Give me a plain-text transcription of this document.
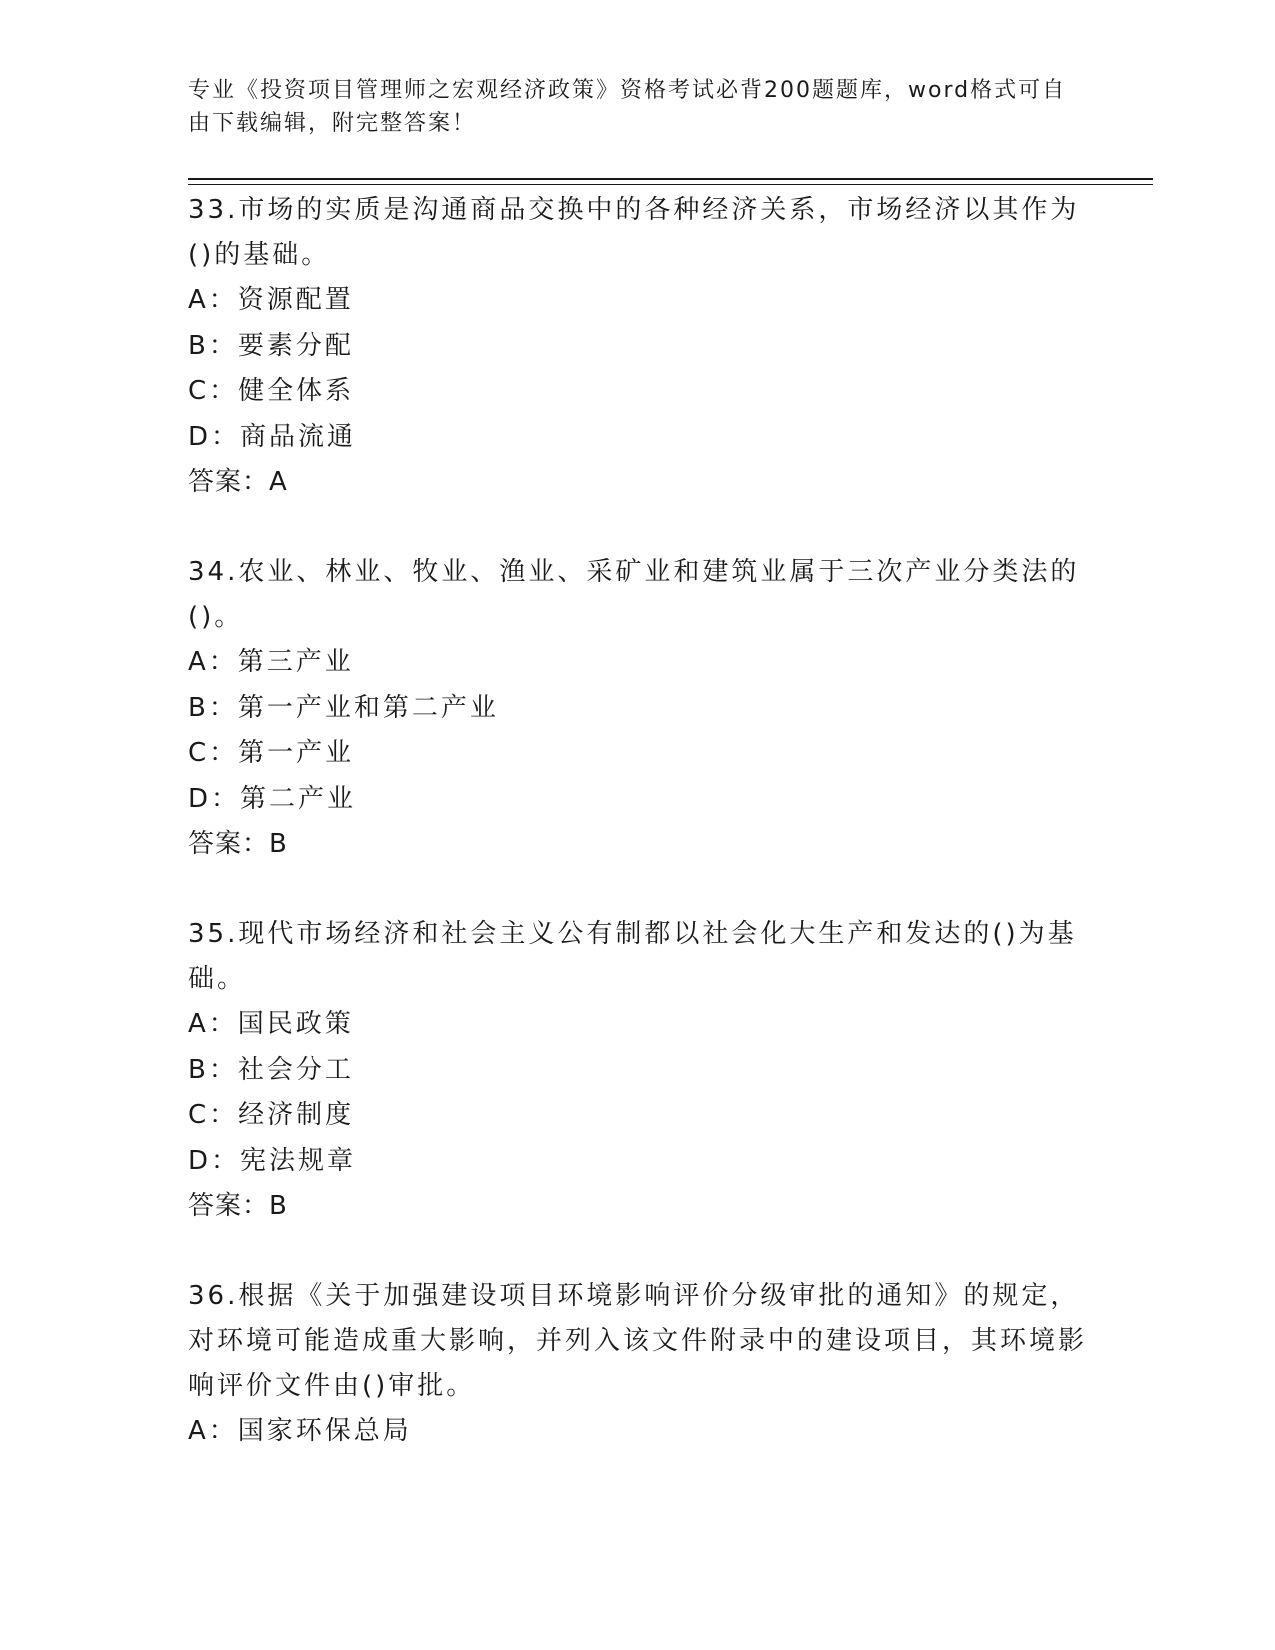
专业《投资项目管理师之宏观经济政策》资格考试必背200题题库，word格式可自由下载编辑，附完整答案！
33.市场的实质是沟通商品交换中的各种经济关系，市场经济以其作为()的基础。
A：资源配置
B：要素分配
C：健全体系
D：商品流通
答案：A
34.农业、林业、牧业、渔业、采矿业和建筑业属于三次产业分类法的()。
A：第三产业
B：第一产业和第二产业
C：第一产业
D：第二产业
答案：B
35.现代市场经济和社会主义公有制都以社会化大生产和发达的()为基础。
A：国民政策
B：社会分工
C：经济制度
D：宪法规章
答案：B
36.根据《关于加强建设项目环境影响评价分级审批的通知》的规定，对环境可能造成重大影响，并列入该文件附录中的建设项目，其环境影响评价文件由()审批。
A：国家环保总局
